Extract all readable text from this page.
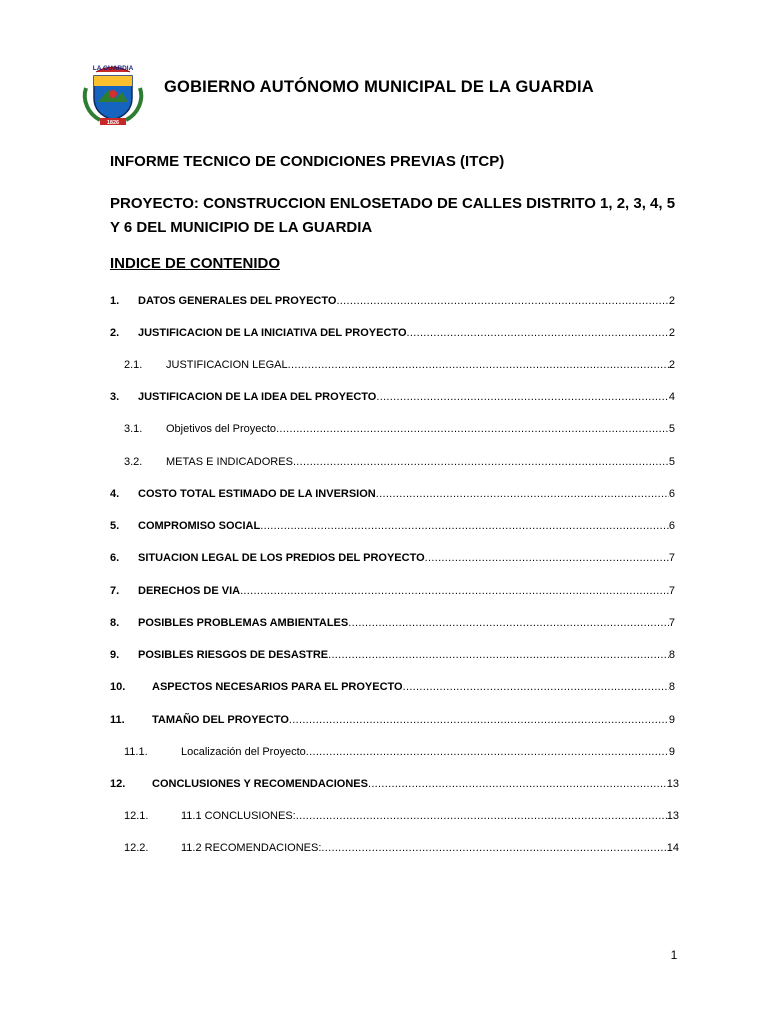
LA GUARDIA
1826
GOBIERNO AUTÓNOMO MUNICIPAL DE LA GUARDIA
INFORME TECNICO DE CONDICIONES PREVIAS (ITCP)
PROYECTO: CONSTRUCCION ENLOSETADO DE CALLES DISTRITO 1, 2, 3, 4, 5 Y 6 DEL MUNICIPIO DE LA GUARDIA
INDICE DE CONTENIDO
1. DATOS GENERALES DEL PROYECTO .....	2
2. JUSTIFICACION DE LA INICIATIVA DEL PROYECTO .....	2
2.1. JUSTIFICACION LEGAL .....	2
3. JUSTIFICACION DE LA IDEA DEL PROYECTO .....	4
3.1. Objetivos del Proyecto .....	5
3.2. METAS E INDICADORES .....	5
4. COSTO TOTAL ESTIMADO DE LA INVERSION .....	6
5. COMPROMISO SOCIAL .....	6
6. SITUACION LEGAL DE LOS PREDIOS DEL PROYECTO .....	7
7. DERECHOS DE VIA .....	7
8. POSIBLES PROBLEMAS AMBIENTALES .....	7
9. POSIBLES RIESGOS DE DESASTRE .....	8
10. ASPECTOS NECESARIOS PARA EL PROYECTO .....	8
11. TAMAÑO DEL PROYECTO .....	9
11.1.	Localización del Proyecto .....	9
12. CONCLUSIONES Y RECOMENDACIONES .....	13
12.1.	11.1 CONCLUSIONES: .....	13
12.2.	11.2 RECOMENDACIONES: .....	14
1
